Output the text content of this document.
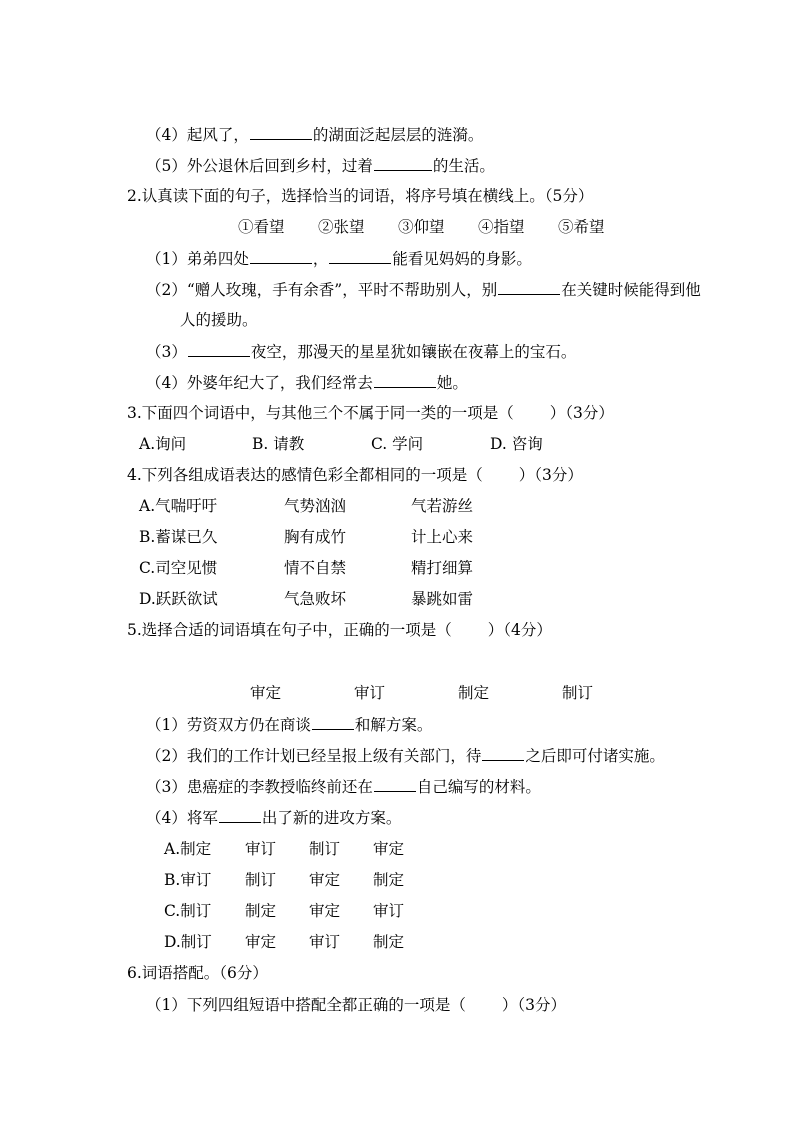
（4）起风了，	的湖面泛起层层的涟漪。
（5）外公退休后回到乡村，过着	的生活。
2.认真读下面的句子，选择恰当的词语，将序号填在横线上。（5分）
①看望 ②张望 ③仰望 ④指望 ⑤希望
（1）弟弟四处	，	能看见妈妈的身影。
（2）“赠人玫瑰，手有余香”，平时不帮助别人，别	在关键时候能得到他
人的援助。
（3）	夜空，那漫天的星星犹如镶嵌在夜幕上的宝石。
（4）外婆年纪大了，我们经常去	她。
3.下面四个词语中，与其他三个不属于同一类的一项是（ ）（3分）
A.询问	B. 请教	C. 学问	D. 咨询
4.下列各组成语表达的感情色彩全都相同的一项是（ ）（3分）
A.气喘吁吁	气势汹汹	气若游丝
B.蓄谋已久	胸有成竹	计上心来
C.司空见惯	情不自禁	精打细算
D.跃跃欲试	气急败坏	暴跳如雷
5.选择合适的词语填在句子中，正确的一项是（ ）（4分）
审定	审订	制定	制订
（1）劳资双方仍在商谈	和解方案。
（2）我们的工作计划已经呈报上级有关部门，待	之后即可付诸实施。
（3）患癌症的李教授临终前还在	自己编写的材料。
（4）将军	出了新的进攻方案。
A.制定 审订 制订 审定
B.审订 制订 审定 制定
C.制订 制定 审定 审订
D.制订 审定 审订 制定
6.词语搭配。（6分）
（1）下列四组短语中搭配全都正确的一项是（ ）（3分）
